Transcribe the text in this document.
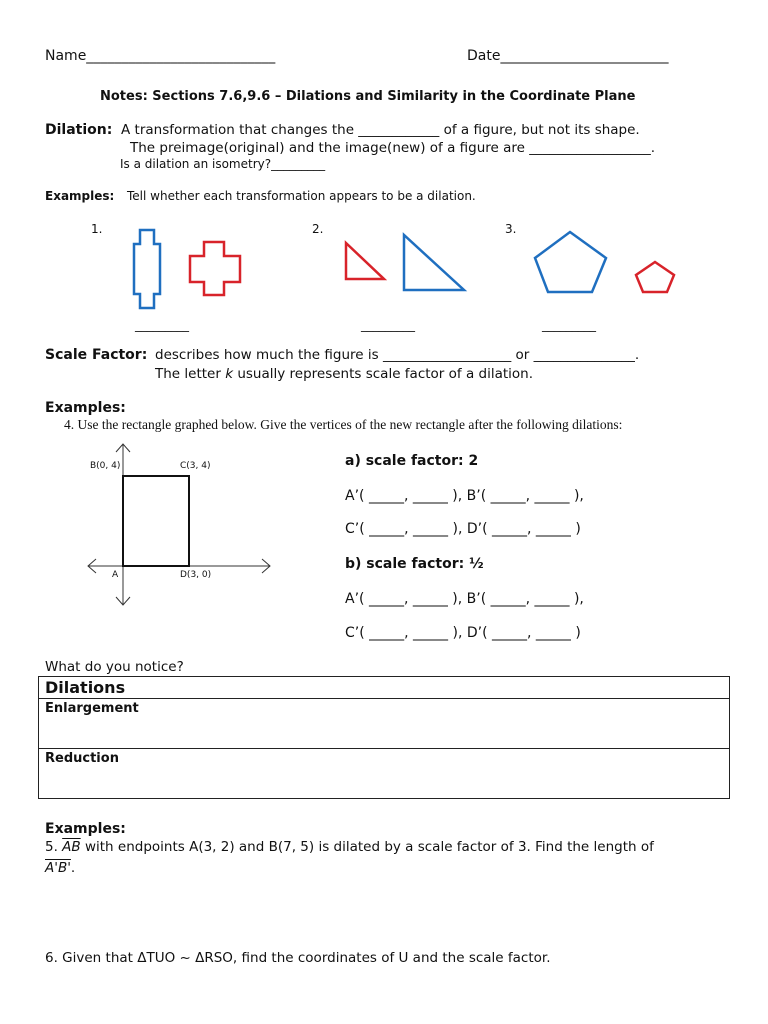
Name___________________________	Date________________________
Notes: Sections 7.6,9.6 – Dilations and Similarity in the Coordinate Plane
Dilation: A transformation that changes the ____________ of a figure, but not its shape.
The preimage(original) and the image(new) of a figure are __________________.
Is a dilation an isometry?_________
Examples: Tell whether each transformation appears to be a dilation.
1.	2.	3.
_________	_________	_________
Scale Factor: describes how much the figure is ___________________ or _______________.
The letter k usually represents scale factor of a dilation.
Examples:
4. Use the rectangle graphed below. Give the vertices of the new rectangle after the following dilations:
B(0, 4)	C(3, 4)
A	D(3, 0)
a) scale factor: 2
A’( _____, _____ ), B’( _____, _____ ),
C’( _____, _____ ), D’( _____, _____ )
b) scale factor: ½
A’( _____, _____ ), B’( _____, _____ ),
C’( _____, _____ ), D’( _____, _____ )
What do you notice?
Dilations
Enlargement
Reduction
Examples:
5. $\overline{AB}$ with endpoints A(3, 2) and B(7, 5) is dilated by a scale factor of 3. Find the length of
A'B'.
6. Given that ΔTUO ~ ΔRSO, find the coordinates of U and the scale factor.
